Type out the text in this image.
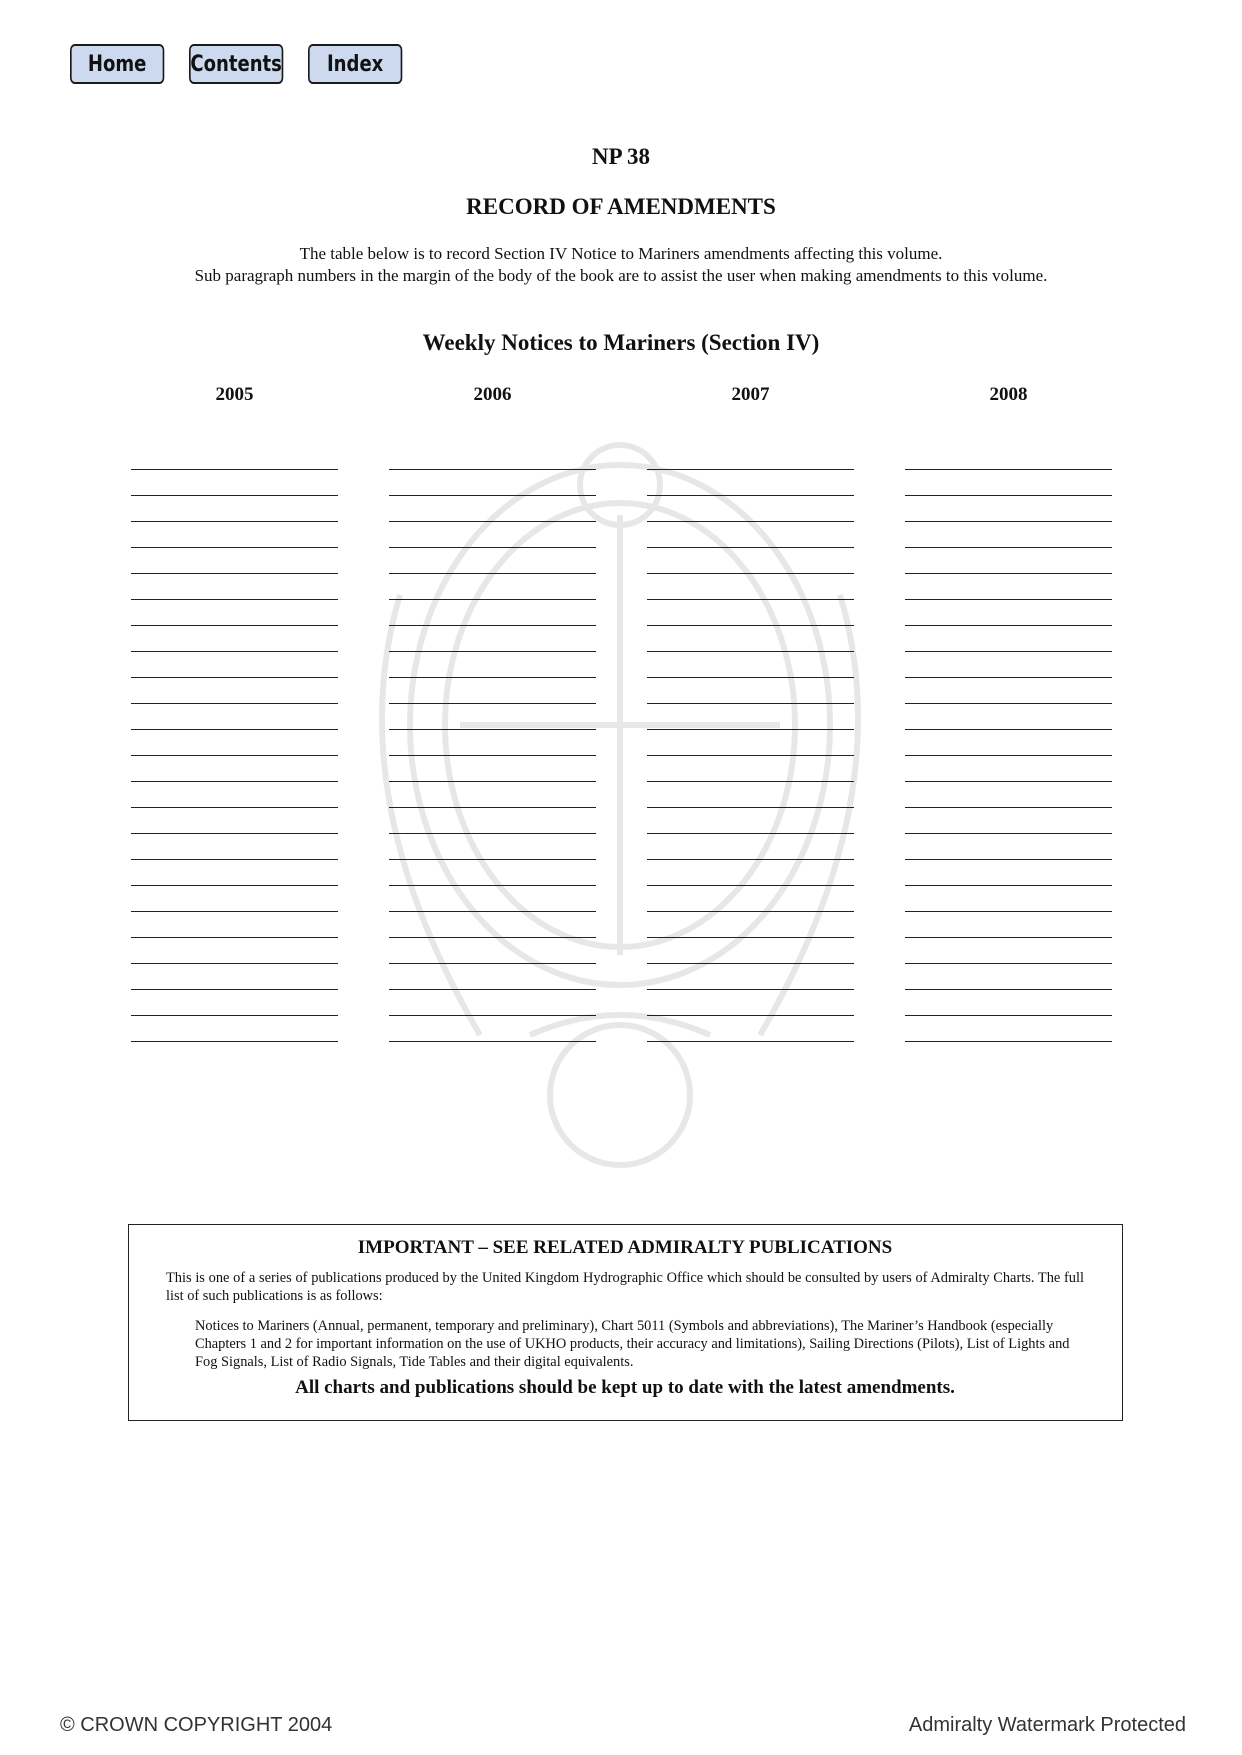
Home	Contents	Index
NP 38
RECORD OF AMENDMENTS
The table below is to record Section IV Notice to Mariners amendments affecting this volume.
Sub paragraph numbers in the margin of the body of the book are to assist the user when making amendments to this volume.
Weekly Notices to Mariners (Section IV)
2005	2006	2007	2008
IMPORTANT – SEE RELATED ADMIRALTY PUBLICATIONS

This is one of a series of publications produced by the United Kingdom Hydrographic Office which should be consulted by users of Admiralty Charts. The full list of such publications is as follows:

Notices to Mariners (Annual, permanent, temporary and preliminary), Chart 5011 (Symbols and abbreviations), The Mariner’s Handbook (especially Chapters 1 and 2 for important information on the use of UKHO products, their accuracy and limitations), Sailing Directions (Pilots), List of Lights and Fog Signals, List of Radio Signals, Tide Tables and their digital equivalents.
All charts and publications should be kept up to date with the latest amendments.
© CROWN COPYRIGHT 2004	Admiralty Watermark Protected
